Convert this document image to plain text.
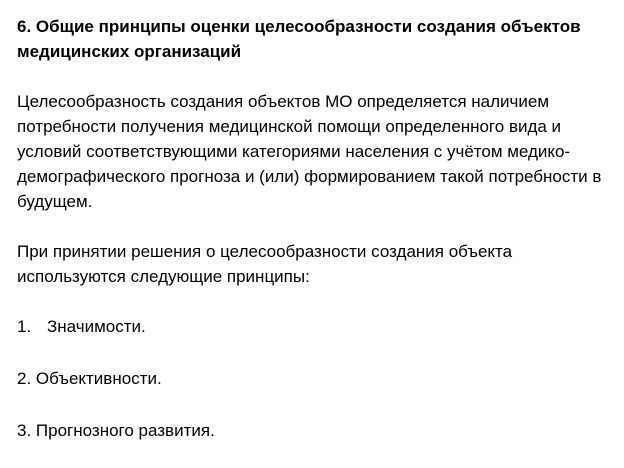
6. Общие принципы оценки целесообразности создания объектов медицинских организаций

Целесообразность создания объектов МО определяется наличием потребности получения медицинской помощи определенного вида и условий соответствующими категориями населения с учётом медико-демографического прогноза и (или) формированием такой потребности в будущем.

При принятии решения о целесообразности создания объекта используются следующие принципы:

1. Значимости.
2. Объективности.
3. Прогнозного развития.
